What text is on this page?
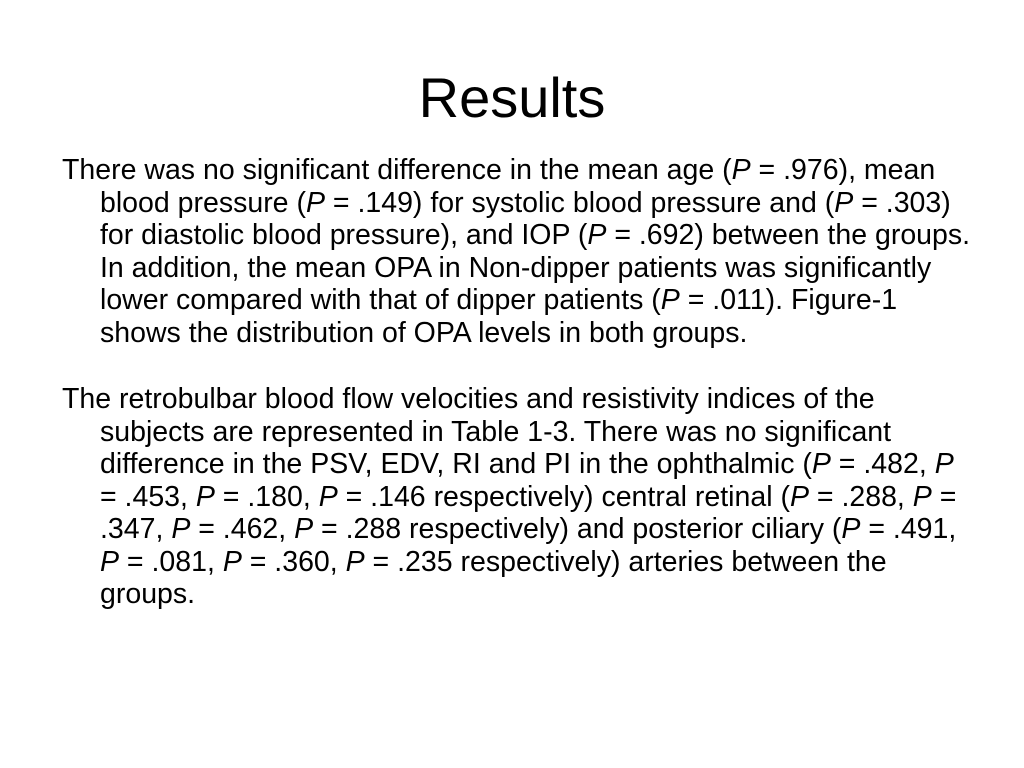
Results

There was no significant difference in the mean age (P = .976), mean blood pressure (P = .149) for systolic blood pressure and (P = .303) for diastolic blood pressure), and IOP (P = .692) between the groups. In addition, the mean OPA in Non-dipper patients was significantly lower compared with that of dipper patients (P = .011). Figure-1 shows the distribution of OPA levels in both groups.

The retrobulbar blood flow velocities and resistivity indices of the subjects are represented in Table 1-3. There was no significant difference in the PSV, EDV, RI and PI in the ophthalmic (P = .482, P = .453, P = .180, P = .146 respectively) central retinal (P = .288, P = .347, P = .462, P = .288 respectively) and posterior ciliary (P = .491, P = .081, P = .360, P = .235 respectively) arteries between the groups.
